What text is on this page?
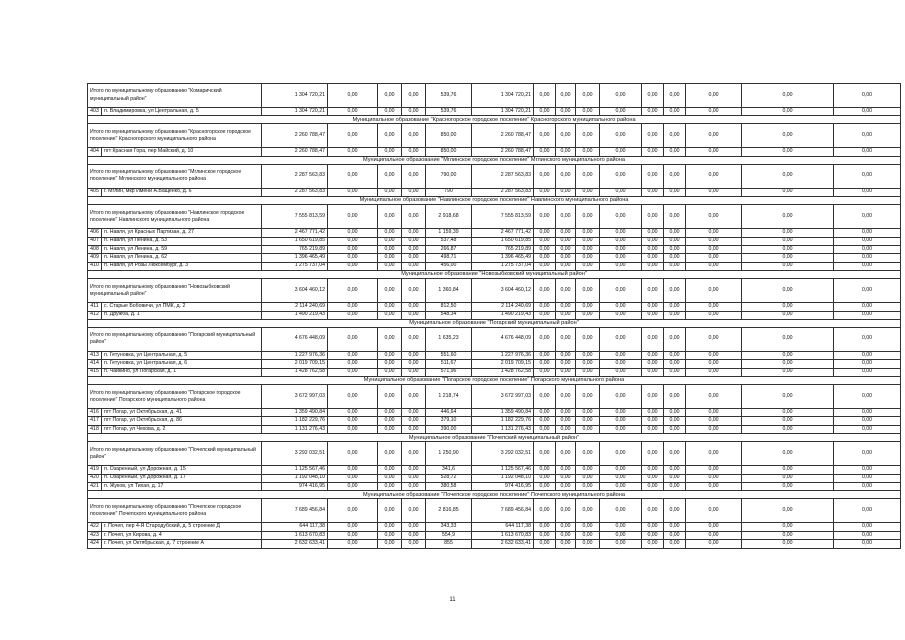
Итого по муниципальному образованию "Комаричский муниципальный район"		1 304 720,21	0,00	0,00	0,00	539,76	1 304 720,21	0,00	0,00	0,00	0,00	0,00	0,00	0,00	0,00	0,00
403	п. Владимировка, ул Центральная, д. 5	1 304 720,21	0,00	0,00	0,00	539,76	1 304 720,21	0,00	0,00	0,00	0,00	0,00	0,00	0,00	0,00	0,00
Муниципальное образование "Красногорское городское поселение" Красногорского муниципального района																
Итого по муниципальному образованию "Красногорское городское поселение" Красногорского муниципального района		2 260 788,47	0,00	0,00	0,00	850,00	2 260 788,47	0,00	0,00	0,00	0,00	0,00	0,00	0,00	0,00	0,00
404	пгт Красная Гора, пер Майский, д. 10	2 260 788,47	0,00	0,00	0,00	850,00	2 260 788,47	0,00	0,00	0,00	0,00	0,00	0,00	0,00	0,00	0,00
Муниципальное образование "Мглинское городское поселение" Мглинского муниципального района																
Итого по муниципальному образованию "Мглинское городское поселение" Мглинского муниципального района		2 287 563,83	0,00	0,00	0,00	790,00	2 287 563,83	0,00	0,00	0,00	0,00	0,00	0,00	0,00	0,00	0,00
405	г. Мглин, мкр Имени А.Ващенко, д. 6	2 287 563,83	0,00	0,00	0,00	790	2 287 563,83	0,00	0,00	0,00	0,00	0,00	0,00	0,00	0,00	0,00
Муниципальное образование "Навлинское городское поселение" Навлинского муниципального района																
Итого по муниципальному образованию "Навлинское городское поселение" Навлинского муниципального района		7 555 813,59	0,00	0,00	0,00	2 918,68	7 555 813,59	0,00	0,00	0,00	0,00	0,00	0,00	0,00	0,00	0,00
406	п. Навля, ул Красных Партизан, д. 27	2 467 771,42	0,00	0,00	0,00	1 159,39	2 467 771,42	0,00	0,00	0,00	0,00	0,00	0,00	0,00	0,00	0,00
407	п. Навля, ул Ленина, д. 53	1 650 619,85	0,00	0,00	0,00	537,48	1 650 619,85	0,00	0,00	0,00	0,00	0,00	0,00	0,00	0,00	0,00
408	п. Навля, ул Ленина, д. 59	765 219,89	0,00	0,00	0,00	266,87	765 219,89	0,00	0,00	0,00	0,00	0,00	0,00	0,00	0,00	0,00
409	п. Навля, ул Ленина, д. 62	1 396 465,49	0,00	0,00	0,00	498,71	1 396 465,49	0,00	0,00	0,00	0,00	0,00	0,00	0,00	0,00	0,00
410	п. Навля, ул Розы Люксембург, д. 3	1 275 737,04	0,00	0,00	0,00	456,00	1 275 737,04	0,00	0,00	0,00	0,00	0,00	0,00	0,00	0,00	0,00
Муниципальное образование "Новозыбковский муниципальный район"																
Итого по муниципальному образованию "Новозыбковский муниципальный район"		3 604 460,12	0,00	0,00	0,00	1 360,84	3 604 460,12	0,00	0,00	0,00	0,00	0,00	0,00	0,00	0,00	0,00
411	с. Старые Бобовичи, ул ПМК, д. 2	2 114 240,69	0,00	0,00	0,00	812,50	2 114 240,69	0,00	0,00	0,00	0,00	0,00	0,00	0,00	0,00	0,00
412	п. Дружба, д. 1	1 490 219,43	0,00	0,00	0,00	548,34	1 490 219,43	0,00	0,00	0,00	0,00	0,00	0,00	0,00	0,00	0,00
Муниципальное образование "Погарский муниципальный район"																
Итого по муниципальному образованию "Погарский муниципальный район"		4 676 448,09	0,00	0,00	0,00	1 635,23	4 676 448,09	0,00	0,00	0,00	0,00	0,00	0,00	0,00	0,00	0,00
413	п. Гетуновка, ул Центральная, д. 5	1 227 976,36	0,00	0,00	0,00	551,60	1 227 976,36	0,00	0,00	0,00	0,00	0,00	0,00	0,00	0,00	0,00
414	п. Гетуновка, ул Центральная, д. 6	2 019 709,15	0,00	0,00	0,00	511,67	2 019 709,15	0,00	0,00	0,00	0,00	0,00	0,00	0,00	0,00	0,00
415	п. Чайкино, ул Погарская, д. 1	1 428 762,58	0,00	0,00	0,00	571,96	1 428 762,58	0,00	0,00	0,00	0,00	0,00	0,00	0,00	0,00	0,00
Муниципальное образование "Погарское городское поселение" Погарского муниципального района																
Итого по муниципальному образованию "Погарское городское поселение" Погарского муниципального района		3 672 997,03	0,00	0,00	0,00	1 218,74	3 672 997,03	0,00	0,00	0,00	0,00	0,00	0,00	0,00	0,00	0,00
416	пгт Погар, ул Октябрьская, д. 41	1 359 490,84	0,00	0,00	0,00	446,64	1 359 490,84	0,00	0,00	0,00	0,00	0,00	0,00	0,00	0,00	0,00
417	пгт Погар, ул Октябрьская, д. 86	1 182 229,76	0,00	0,00	0,00	379,10	1 182 229,76	0,00	0,00	0,00	0,00	0,00	0,00	0,00	0,00	0,00
418	пгт Погар, ул Чехова, д. 2	1 131 276,43	0,00	0,00	0,00	390,00	1 131 276,43	0,00	0,00	0,00	0,00	0,00	0,00	0,00	0,00	0,00
Муниципальное образование "Почепский муниципальный район"																
Итого по муниципальному образованию "Почепский муниципальный район"		3 292 032,51	0,00	0,00	0,00	1 250,90	3 292 032,51	0,00	0,00	0,00	0,00	0,00	0,00	0,00	0,00	0,00
419	п. Озаренный, ул Дорожная, д. 15	1 125 567,46	0,00	0,00	0,00	341,6	1 125 567,46	0,00	0,00	0,00	0,00	0,00	0,00	0,00	0,00	0,00
420	п. Озаренный, ул Дорожная, д. 17	1 192 048,10	0,00	0,00	0,00	528,72	1 192 048,10	0,00	0,00	0,00	0,00	0,00	0,00	0,00	0,00	0,00
421	п. Жуков, ул Тихая, д. 17	974 416,95	0,00	0,00	0,00	380,58	974 416,95	0,00	0,00	0,00	0,00	0,00	0,00	0,00	0,00	0,00
Муниципальное образование "Почепское городское поселение" Почепского муниципального района																
Итого по муниципальному образованию "Почепское городское поселение" Почепского муниципального района		7 689 456,84	0,00	0,00	0,00	2 816,85	7 689 456,84	0,00	0,00	0,00	0,00	0,00	0,00	0,00	0,00	0,00
422	г. Почеп, пер 4-Я Стародубский, д. 5 строение Д	644 117,38	0,00	0,00	0,00	343,33	644 117,38	0,00	0,00	0,00	0,00	0,00	0,00	0,00	0,00	0,00
423	г. Почеп, ул Кирова, д. 4	1 613 670,83	0,00	0,00	0,00	554,9	1 613 670,83	0,00	0,00	0,00	0,00	0,00	0,00	0,00	0,00	0,00
424	г. Почеп, ул Октябрьская, д. 7 строение А	2 632 633,41	0,00	0,00	0,00	855	2 632 633,41	0,00	0,00	0,00	0,00	0,00	0,00	0,00	0,00	0,00
11
